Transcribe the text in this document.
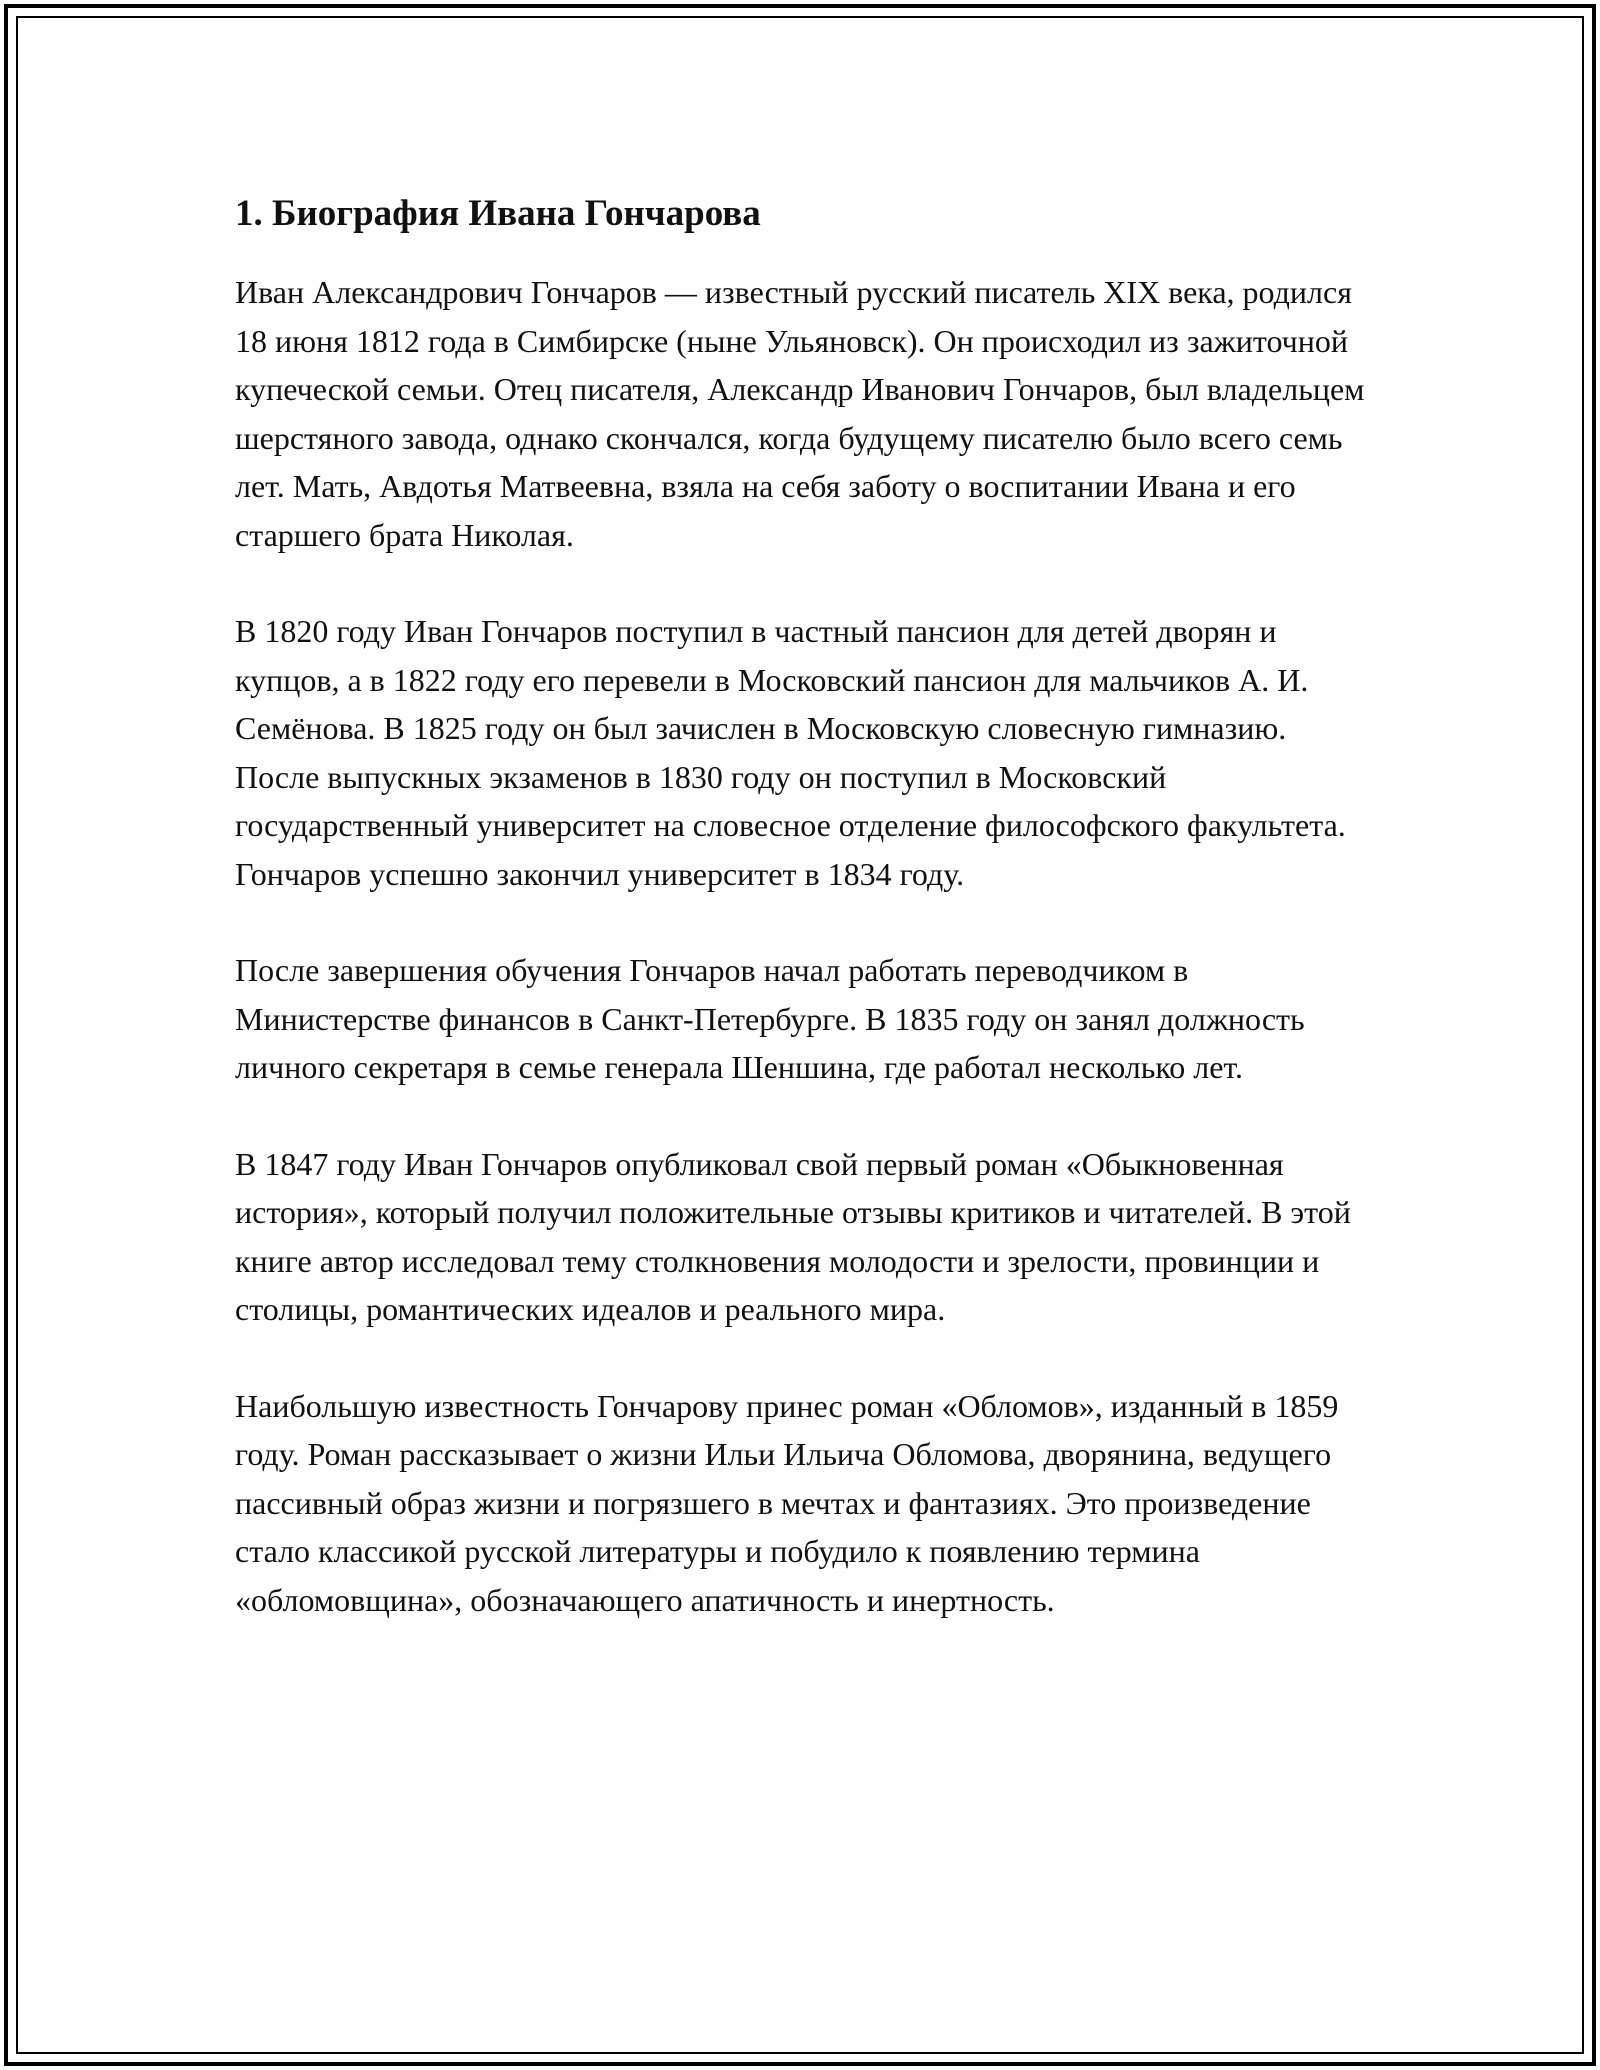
1. Биография Ивана Гончарова

Иван Александрович Гончаров — известный русский писатель XIX века, родился 18 июня 1812 года в Симбирске (ныне Ульяновск). Он происходил из зажиточной купеческой семьи. Отец писателя, Александр Иванович Гончаров, был владельцем шерстяного завода, однако скончался, когда будущему писателю было всего семь лет. Мать, Авдотья Матвеевна, взяла на себя заботу о воспитании Ивана и его старшего брата Николая.

В 1820 году Иван Гончаров поступил в частный пансион для детей дворян и купцов, а в 1822 году его перевели в Московский пансион для мальчиков А. И. Семёнова. В 1825 году он был зачислен в Московскую словесную гимназию. После выпускных экзаменов в 1830 году он поступил в Московский государственный университет на словесное отделение философского факультета. Гончаров успешно закончил университет в 1834 году.

После завершения обучения Гончаров начал работать переводчиком в Министерстве финансов в Санкт-Петербурге. В 1835 году он занял должность личного секретаря в семье генерала Шеншина, где работал несколько лет.

В 1847 году Иван Гончаров опубликовал свой первый роман «Обыкновенная история», который получил положительные отзывы критиков и читателей. В этой книге автор исследовал тему столкновения молодости и зрелости, провинции и столицы, романтических идеалов и реального мира.

Наибольшую известность Гончарову принес роман «Обломов», изданный в 1859 году. Роман рассказывает о жизни Ильи Ильича Обломова, дворянина, ведущего пассивный образ жизни и погрязшего в мечтах и фантазиях. Это произведение стало классикой русской литературы и побудило к появлению термина «обломовщина», обозначающего апатичность и инертность.
